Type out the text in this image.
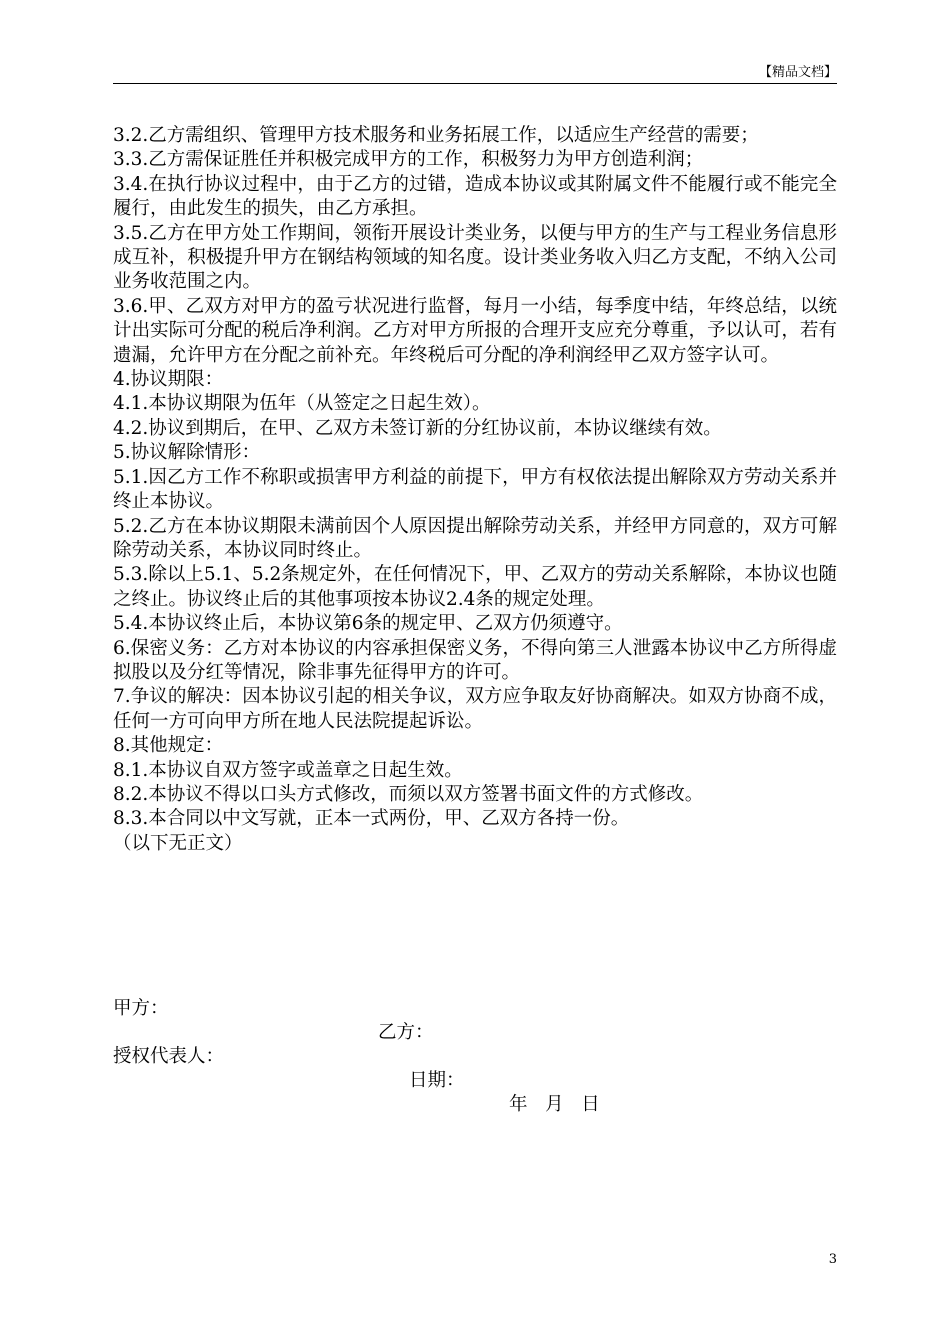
【精品文档】

3.2.乙方需组织、管理甲方技术服务和业务拓展工作，以适应生产经营的需要；

3.3.乙方需保证胜任并积极完成甲方的工作，积极努力为甲方创造利润；

3.4.在执行协议过程中，由于乙方的过错，造成本协议或其附属文件不能履行或不能完全履行，由此发生的损失，由乙方承担。

3.5.乙方在甲方处工作期间，领衔开展设计类业务，以便与甲方的生产与工程业务信息形成互补，积极提升甲方在钢结构领域的知名度。设计类业务收入归乙方支配，不纳入公司业务收范围之内。

3.6.甲、乙双方对甲方的盈亏状况进行监督，每月一小结，每季度中结，年终总结，以统计出实际可分配的税后净利润。乙方对甲方所报的合理开支应充分尊重，予以认可，若有遗漏，允许甲方在分配之前补充。年终税后可分配的净利润经甲乙双方签字认可。

4.协议期限：

4.1.本协议期限为伍年（从签定之日起生效）。

4.2.协议到期后，在甲、乙双方未签订新的分红协议前，本协议继续有效。

5.协议解除情形：

5.1.因乙方工作不称职或损害甲方利益的前提下，甲方有权依法提出解除双方劳动关系并终止本协议。

5.2.乙方在本协议期限未满前因个人原因提出解除劳动关系，并经甲方同意的，双方可解除劳动关系，本协议同时终止。

5.3.除以上5.1、5.2条规定外，在任何情况下，甲、乙双方的劳动关系解除，本协议也随之终止。协议终止后的其他事项按本协议2.4条的规定处理。

5.4.本协议终止后，本协议第6条的规定甲、乙双方仍须遵守。

6.保密义务：乙方对本协议的内容承担保密义务，不得向第三人泄露本协议中乙方所得虚拟股以及分红等情况，除非事先征得甲方的许可。

7.争议的解决：因本协议引起的相关争议，双方应争取友好协商解决。如双方协商不成，任何一方可向甲方所在地人民法院提起诉讼。

8.其他规定：

8.1.本协议自双方签字或盖章之日起生效。

8.2.本协议不得以口头方式修改，而须以双方签署书面文件的方式修改。

8.3.本合同以中文写就，正本一式两份，甲、乙双方各持一份。

（以下无正文）

甲方：

乙方：

授权代表人：

日期：

年   月   日

3
